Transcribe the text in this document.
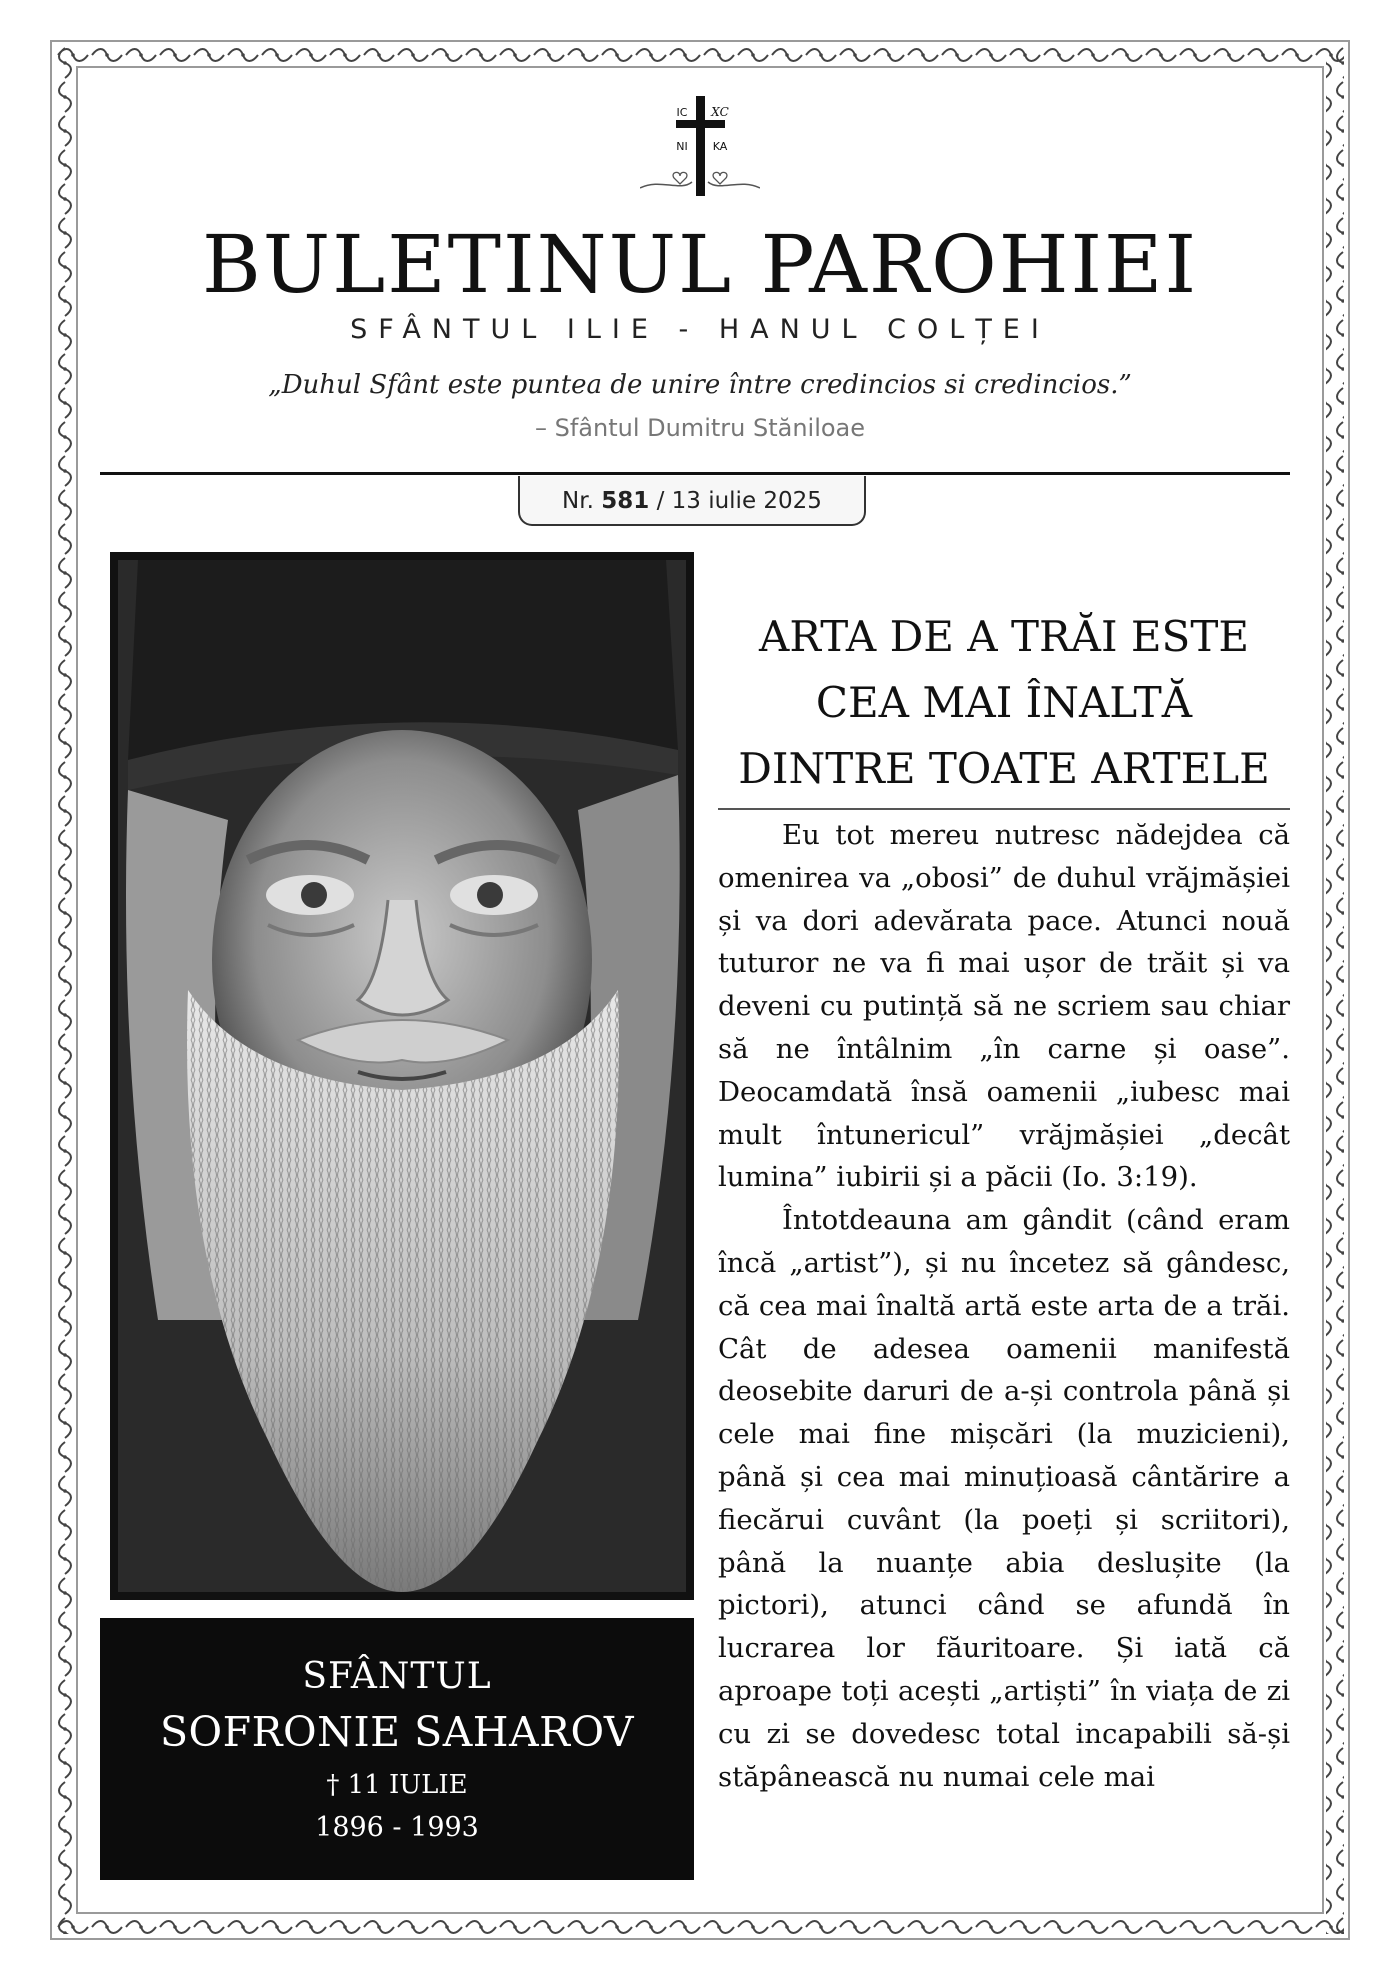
IC XC
NI KA
BULETINUL PAROHIEI
SFÂNTUL ILIE - HANUL COLȚEI
„Duhul Sfânt este puntea de unire între credincios si credincios.”
– Sfântul Dumitru Stăniloae
Nr. 581 / 13 iulie 2025
SFÂNTUL
SOFRONIE SAHAROV
† 11 IULIE
1896 - 1993
ARTA DE A TRĂI ESTE
CEA MAI ÎNALTĂ
DINTRE TOATE ARTELE

Eu tot mereu nutresc nădejdea că omenirea va „obosi” de duhul vrăjmășiei și va dori adevărata pace. Atunci nouă tuturor ne va fi mai ușor de trăit și va deveni cu putință să ne scriem sau chiar să ne întâlnim „în carne și oase”. Deocamdată însă oamenii „iubesc mai mult întunericul” vrăjmășiei „decât lumina” iubirii și a păcii (Io. 3:19).

Întotdeauna am gândit (când eram încă „artist”), și nu încetez să gândesc, că cea mai înaltă artă este arta de a trăi. Cât de adesea oamenii manifestă deosebite daruri de a-și controla până și cele mai fine mișcări (la muzicieni), până și cea mai minuțioasă cântărire a fiecărui cuvânt (la poeți și scriitori), până la nuanțe abia deslușite (la pictori), atunci când se afundă în lucrarea lor făuritoare. Și iată că aproape toți acești „artiști” în viața de zi cu zi se dovedesc total incapabili să-și stăpânească nu numai cele mai
